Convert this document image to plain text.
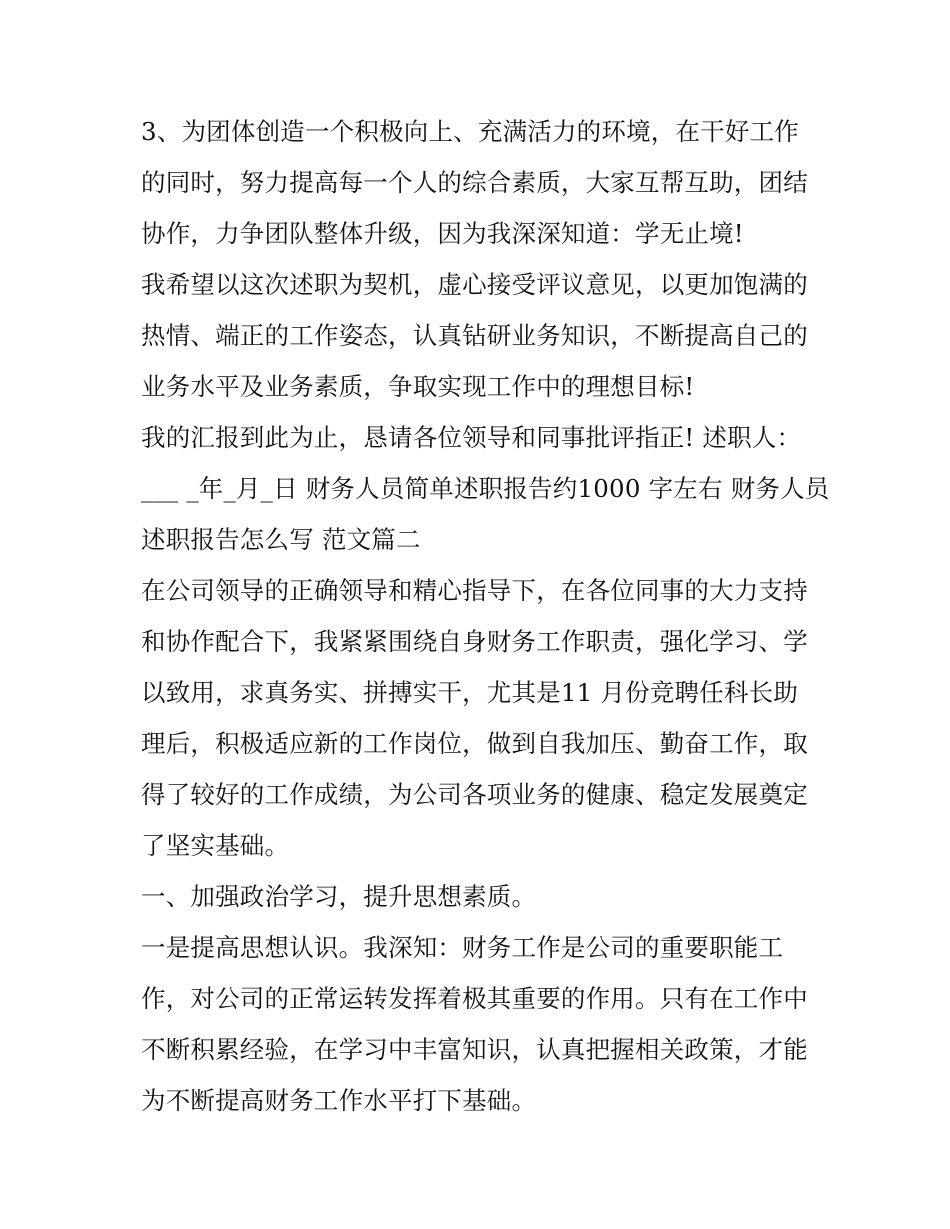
3、为团体创造一个积极向上、充满活力的环境，在干好工作
的同时，努力提高每一个人的综合素质，大家互帮互助，团结
协作，力争团队整体升级，因为我深深知道：学无止境!
我希望以这次述职为契机，虚心接受评议意见，以更加饱满的
热情、端正的工作姿态，认真钻研业务知识，不断提高自己的
业务水平及业务素质，争取实现工作中的理想目标!
我的汇报到此为止，恳请各位领导和同事批评指正! 述职人：
___ _年_月_日 财务人员简单述职报告约1000 字左右 财务人员
述职报告怎么写 范文篇二
在公司领导的正确领导和精心指导下，在各位同事的大力支持
和协作配合下，我紧紧围绕自身财务工作职责，强化学习、学
以致用，求真务实、拼搏实干，尤其是11 月份竞聘任科长助
理后，积极适应新的工作岗位，做到自我加压、勤奋工作，取
得了较好的工作成绩，为公司各项业务的健康、稳定发展奠定
了坚实基础。
一、加强政治学习，提升思想素质。
一是提高思想认识。我深知：财务工作是公司的重要职能工
作，对公司的正常运转发挥着极其重要的作用。只有在工作中
不断积累经验，在学习中丰富知识，认真把握相关政策，才能
为不断提高财务工作水平打下基础。
